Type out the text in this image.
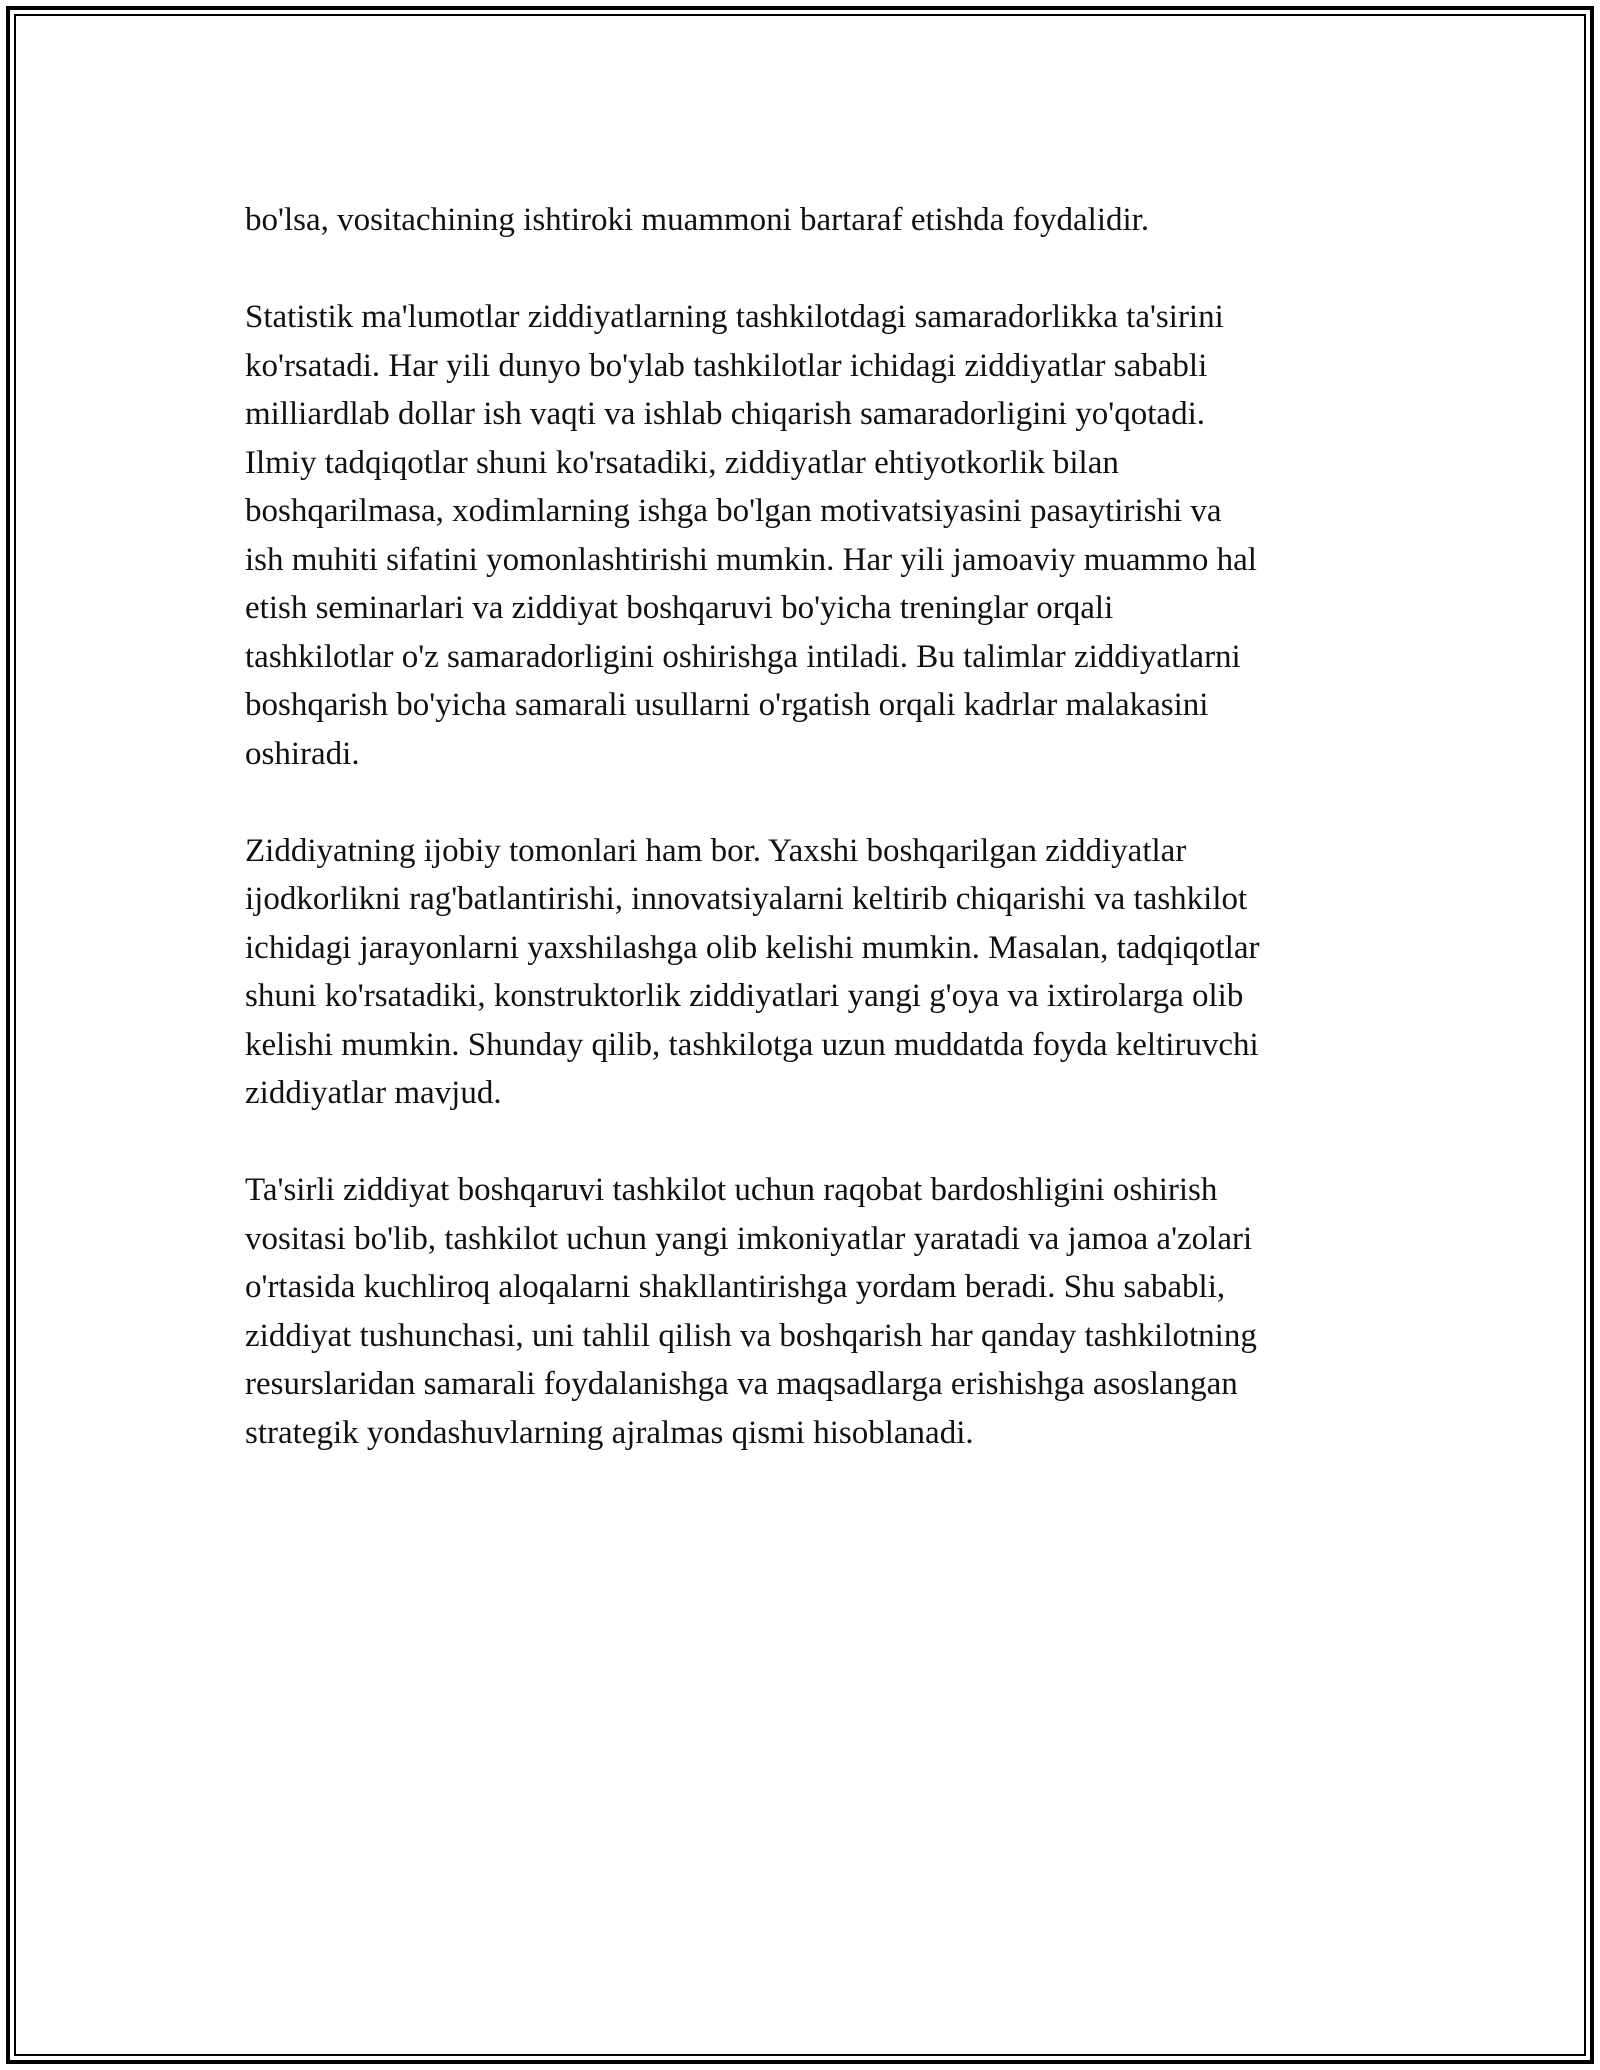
bo'lsa, vositachining ishtiroki muammoni bartaraf etishda foydalidir.

Statistik ma'lumotlar ziddiyatlarning tashkilotdagi samaradorlikka ta'sirini
ko'rsatadi. Har yili dunyo bo'ylab tashkilotlar ichidagi ziddiyatlar sababli
milliardlab dollar ish vaqti va ishlab chiqarish samaradorligini yo'qotadi.
Ilmiy tadqiqotlar shuni ko'rsatadiki, ziddiyatlar ehtiyotkorlik bilan
boshqarilmasa, xodimlarning ishga bo'lgan motivatsiyasini pasaytirishi va
ish muhiti sifatini yomonlashtirishi mumkin. Har yili jamoaviy muammo hal
etish seminarlari va ziddiyat boshqaruvi bo'yicha treninglar orqali
tashkilotlar o'z samaradorligini oshirishga intiladi. Bu talimlar ziddiyatlarni
boshqarish bo'yicha samarali usullarni o'rgatish orqali kadrlar malakasini
oshiradi.

Ziddiyatning ijobiy tomonlari ham bor. Yaxshi boshqarilgan ziddiyatlar
ijodkorlikni rag'batlantirishi, innovatsiyalarni keltirib chiqarishi va tashkilot
ichidagi jarayonlarni yaxshilashga olib kelishi mumkin. Masalan, tadqiqotlar
shuni ko'rsatadiki, konstruktorlik ziddiyatlari yangi g'oya va ixtirolarga olib
kelishi mumkin. Shunday qilib, tashkilotga uzun muddatda foyda keltiruvchi
ziddiyatlar mavjud.

Ta'sirli ziddiyat boshqaruvi tashkilot uchun raqobat bardoshligini oshirish
vositasi bo'lib, tashkilot uchun yangi imkoniyatlar yaratadi va jamoa a'zolari
o'rtasida kuchliroq aloqalarni shakllantirishga yordam beradi. Shu sababli,
ziddiyat tushunchasi, uni tahlil qilish va boshqarish har qanday tashkilotning
resurslaridan samarali foydalanishga va maqsadlarga erishishga asoslangan
strategik yondashuvlarning ajralmas qismi hisoblanadi.
